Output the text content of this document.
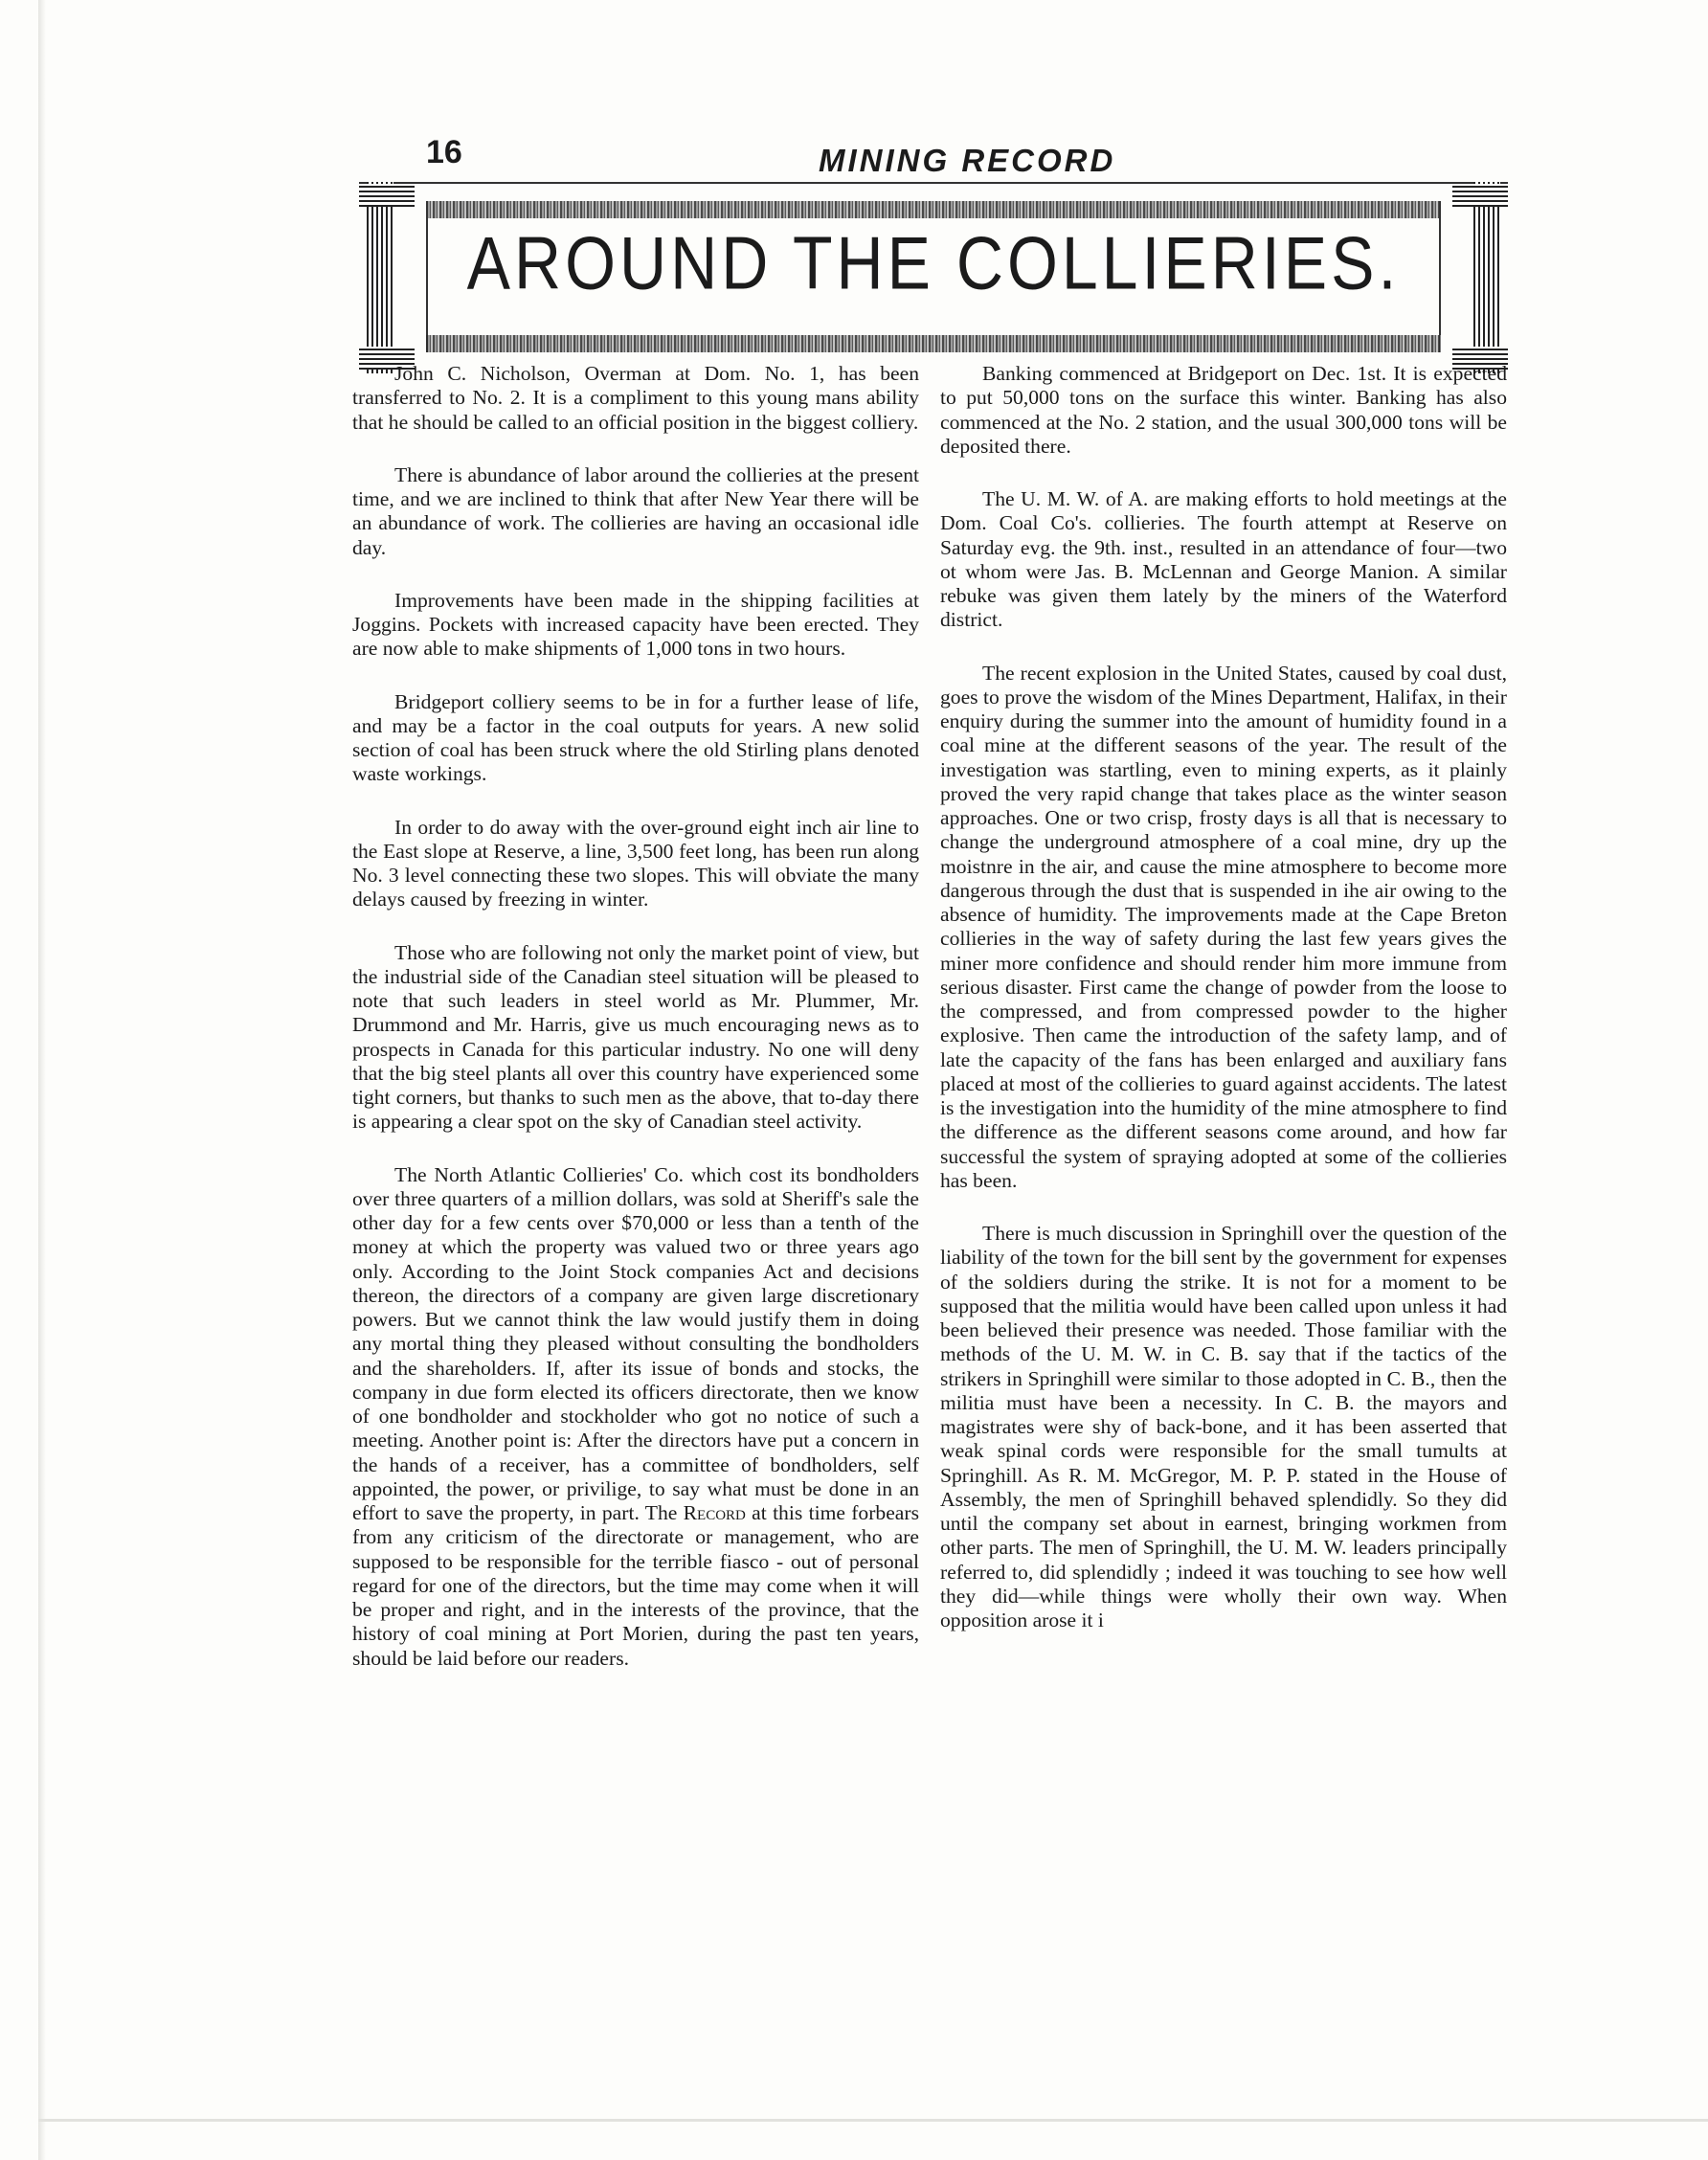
16	MINING RECORD
AROUND THE COLLIERIES.

John C. Nicholson, Overman at Dom. No. 1, has been transferred to No. 2. It is a compliment to this young mans ability that he should be called to an official position in the biggest colliery.

There is abundance of labor around the collieries at the present time, and we are inclined to think that after New Year there will be an abundance of work. The collieries are having an occasional idle day.

Improvements have been made in the shipping facilities at Joggins. Pockets with increased capacity have been erected. They are now able to make shipments of 1,000 tons in two hours.

Bridgeport colliery seems to be in for a further lease of life, and may be a factor in the coal outputs for years. A new solid section of coal has been struck where the old Stirling plans denoted waste workings.

In order to do away with the over-ground eight inch air line to the East slope at Reserve, a line, 3,500 feet long, has been run along No. 3 level connecting these two slopes. This will obviate the many delays caused by freezing in winter.

Those who are following not only the market point of view, but the industrial side of the Canadian steel situation will be pleased to note that such leaders in steel world as Mr. Plummer, Mr. Drummond and Mr. Harris, give us much encouraging news as to prospects in Canada for this particular industry. No one will deny that the big steel plants all over this country have experienced some tight corners, but thanks to such men as the above, that to-day there is appearing a clear spot on the sky of Canadian steel activity.

The North Atlantic Collieries' Co. which cost its bondholders over three quarters of a million dollars, was sold at Sheriff's sale the other day for a few cents over $70,000 or less than a tenth of the money at which the property was valued two or three years ago only. According to the Joint Stock companies Act and decisions thereon, the directors of a company are given large discretionary powers. But we cannot think the law would justify them in doing any mortal thing they pleased without consulting the bondholders and the shareholders. If, after its issue of bonds and stocks, the company in due form elected its officers directorate, then we know of one bondholder and stockholder who got no notice of such a meeting. Another point is: After the directors have put a concern in the hands of a receiver, has a committee of bondholders, self appointed, the power, or privilige, to say what must be done in an effort to save the property, in part. The Record at this time forbears from any criticism of the directorate or management, who are supposed to be responsible for the terrible fiasco - out of personal regard for one of the directors, but the time may come when it will be proper and right, and in the interests of the province, that the history of coal mining at Port Morien, during the past ten years, should be laid before our readers.

Banking commenced at Bridgeport on Dec. 1st. It is expected to put 50,000 tons on the surface this winter. Banking has also commenced at the No. 2 station, and the usual 300,000 tons will be deposited there.

The U. M. W. of A. are making efforts to hold meetings at the Dom. Coal Co's. collieries. The fourth attempt at Reserve on Saturday evg. the 9th. inst., resulted in an attendance of four—two ot whom were Jas. B. McLennan and George Manion. A similar rebuke was given them lately by the miners of the Waterford district.

The recent explosion in the United States, caused by coal dust, goes to prove the wisdom of the Mines Department, Halifax, in their enquiry during the summer into the amount of humidity found in a coal mine at the different seasons of the year. The result of the investigation was startling, even to mining experts, as it plainly proved the very rapid change that takes place as the winter season approaches. One or two crisp, frosty days is all that is necessary to change the underground atmosphere of a coal mine, dry up the moistnre in the air, and cause the mine atmosphere to become more dangerous through the dust that is suspended in ihe air owing to the absence of humidity. The improvements made at the Cape Breton collieries in the way of safety during the last few years gives the miner more confidence and should render him more immune from serious disaster. First came the change of powder from the loose to the compressed, and from compressed powder to the higher explosive. Then came the introduction of the safety lamp, and of late the capacity of the fans has been enlarged and auxiliary fans placed at most of the collieries to guard against accidents. The latest is the investigation into the humidity of the mine atmosphere to find the difference as the different seasons come around, and how far successful the system of spraying adopted at some of the collieries has been.

There is much discussion in Springhill over the question of the liability of the town for the bill sent by the government for expenses of the soldiers during the strike. It is not for a moment to be supposed that the militia would have been called upon unless it had been believed their presence was needed. Those familiar with the methods of the U. M. W. in C. B. say that if the tactics of the strikers in Springhill were similar to those adopted in C. B., then the militia must have been a necessity. In C. B. the mayors and magistrates were shy of back-bone, and it has been asserted that weak spinal cords were responsible for the small tumults at Springhill. As R. M. McGregor, M. P. P. stated in the House of Assembly, the men of Springhill behaved splendidly. So they did until the company set about in earnest, bringing workmen from other parts. The men of Springhill, the U. M. W. leaders principally referred to, did splendidly ; indeed it was touching to see how well they did—while things were wholly their own way. When opposition arose it i
